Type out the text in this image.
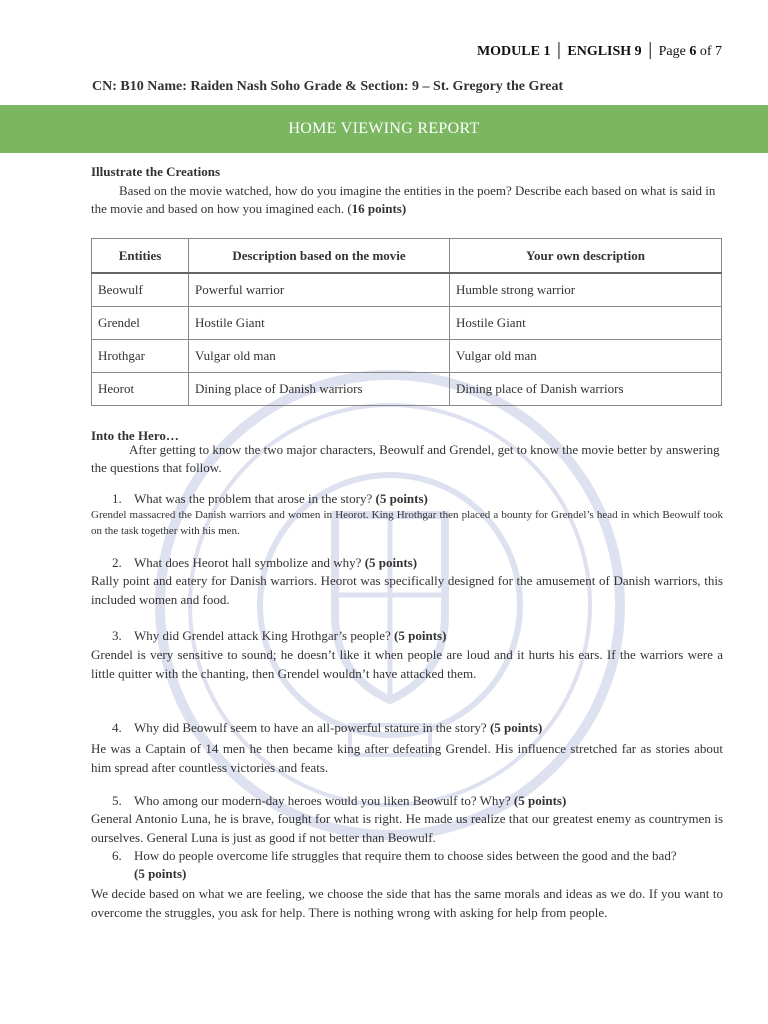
MODULE 1 │ ENGLISH 9 │ Page 6 of 7
CN: B10 Name: Raiden Nash Soho Grade & Section: 9 – St. Gregory the Great
HOME VIEWING REPORT
Illustrate the Creations
Based on the movie watched, how do you imagine the entities in the poem? Describe each based on what is said in the movie and based on how you imagined each. (16 points)
Entities	Description based on the movie	Your own description
Beowulf	Powerful warrior	Humble strong warrior
Grendel	Hostile Giant	Hostile Giant
Hrothgar	Vulgar old man	Vulgar old man
Heorot	Dining place of Danish warriors	Dining place of Danish warriors
Into the Hero…
After getting to know the two major characters, Beowulf and Grendel, get to know the movie better by answering the questions that follow.
1. What was the problem that arose in the story? (5 points)
Grendel massacred the Danish warriors and women in Heorot. King Hrothgar then placed a bounty for Grendel’s head in which Beowulf took on the task together with his men.
2. What does Heorot hall symbolize and why? (5 points)
Rally point and eatery for Danish warriors. Heorot was specifically designed for the amusement of Danish warriors, this included women and food.
3. Why did Grendel attack King Hrothgar’s people? (5 points)
Grendel is very sensitive to sound; he doesn’t like it when people are loud and it hurts his ears. If the warriors were a little quitter with the chanting, then Grendel wouldn’t have attacked them.
4. Why did Beowulf seem to have an all-powerful stature in the story? (5 points)
He was a Captain of 14 men he then became king after defeating Grendel. His influence stretched far as stories about him spread after countless victories and feats.
5. Who among our modern-day heroes would you liken Beowulf to? Why? (5 points)
General Antonio Luna, he is brave, fought for what is right. He made us realize that our greatest enemy as countrymen is ourselves. General Luna is just as good if not better than Beowulf.
6. How do people overcome life struggles that require them to choose sides between the good and the bad?
(5 points)
We decide based on what we are feeling, we choose the side that has the same morals and ideas as we do. If you want to overcome the struggles, you ask for help. There is nothing wrong with asking for help from people.
